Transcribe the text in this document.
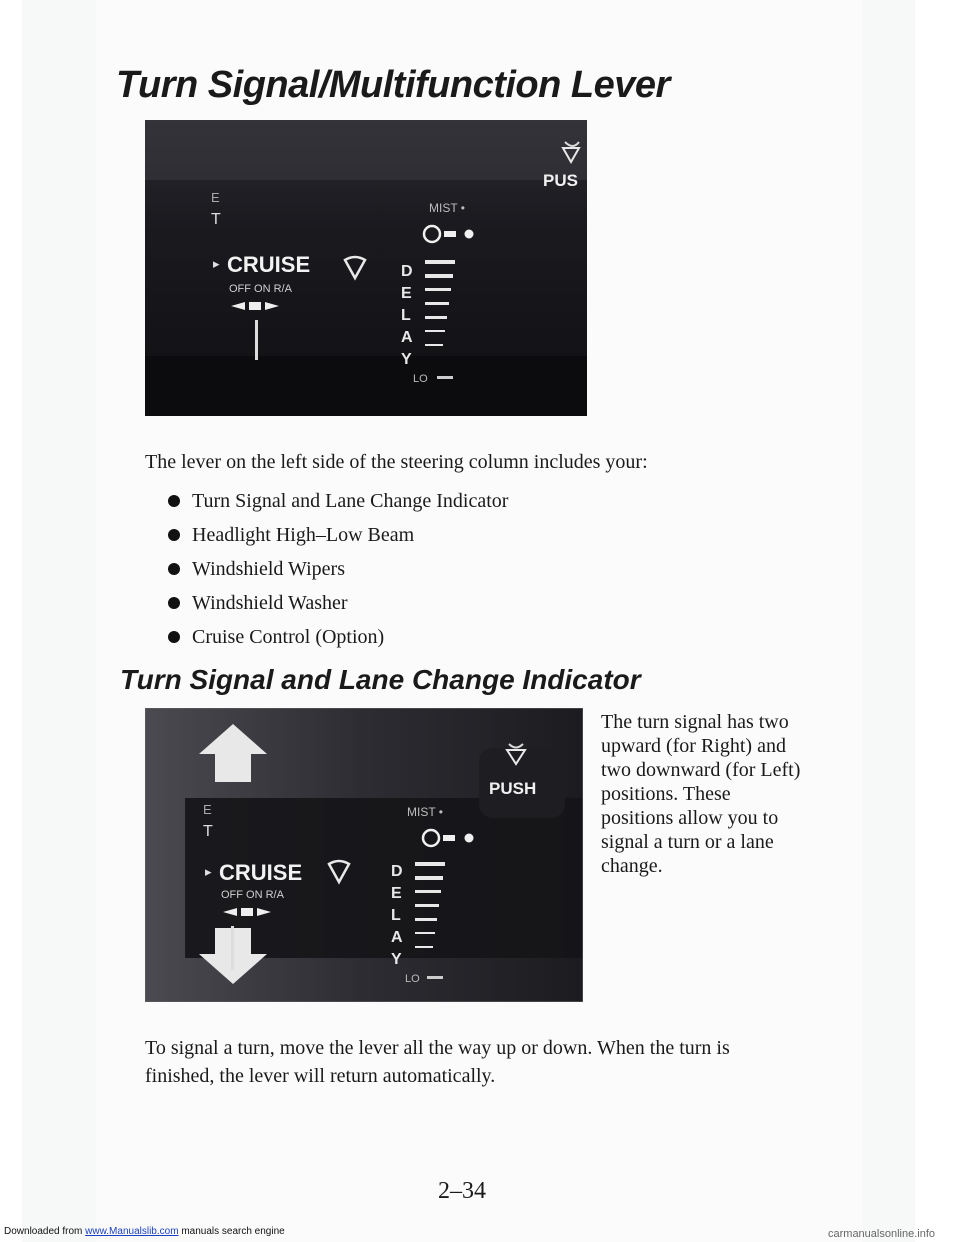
Turn Signal/Multifunction Lever
PUS
MIST •
E
T
▸ CRUISE
OFF ON R/A
D
E
L
A
Y
LO

The lever on the left side of the steering column includes your:

Turn Signal and Lane Change Indicator
Headlight High–Low Beam
Windshield Wipers
Windshield Washer
Cruise Control (Option)
Turn Signal and Lane Change Indicator
PUSH
MIST •
E
T
▸ CRUISE
OFF ON R/A
D
E
L
A
Y
LO

The turn signal has two upward (for Right) and two downward (for Left) positions. These positions allow you to signal a turn or a lane change.

To signal a turn, move the lever all the way up or down. When the turn is finished, the lever will return automatically.

2–34
Downloaded from www.Manualslib.com manuals search engine	carmanualsonline.info
